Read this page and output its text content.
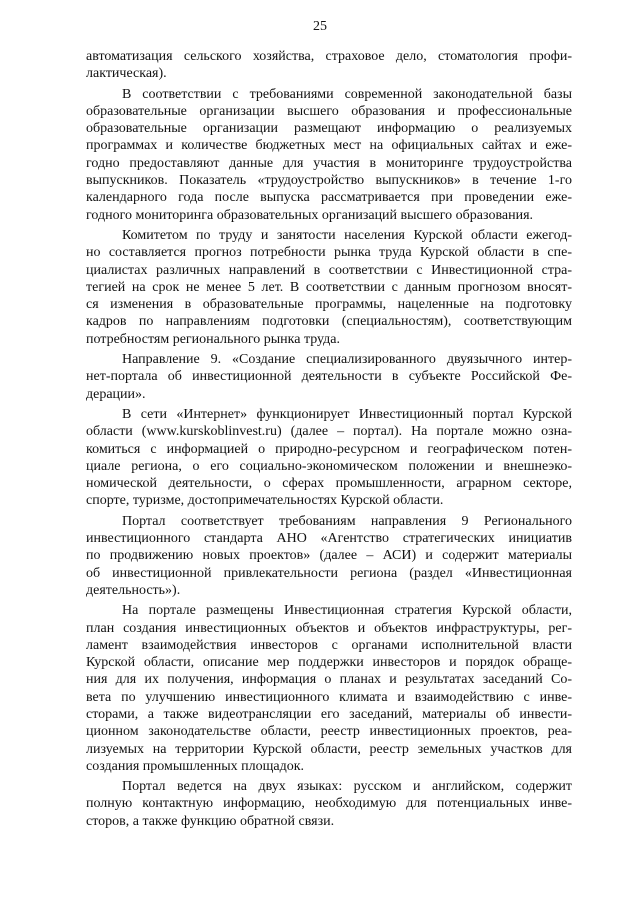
25
автоматизация сельского хозяйства, страховое дело, стоматология профи-
лактическая).
В соответствии с требованиями современной законодательной базы
образовательные организации высшего образования и профессиональные
образовательные организации размещают информацию о реализуемых
программах и количестве бюджетных мест на официальных сайтах и еже-
годно предоставляют данные для участия в мониторинге трудоустройства
выпускников. Показатель «трудоустройство выпускников» в течение 1-го
календарного года после выпуска рассматривается при проведении еже-
годного мониторинга образовательных организаций высшего образования.
Комитетом по труду и занятости населения Курской области ежегод-
но составляется прогноз потребности рынка труда Курской области в спе-
циалистах различных направлений в соответствии с Инвестиционной стра-
тегией на срок не менее 5 лет. В соответствии с данным прогнозом вносят-
ся изменения в образовательные программы, нацеленные на подготовку
кадров по направлениям подготовки (специальностям), соответствующим
потребностям регионального рынка труда.
Направление 9. «Создание специализированного двуязычного интер-
нет-портала об инвестиционной деятельности в субъекте Российской Фе-
дерации».
В сети «Интернет» функционирует Инвестиционный портал Курской
области (www.kurskoblinvest.ru) (далее – портал). На портале можно озна-
комиться с информацией о природно-ресурсном и географическом потен-
циале региона, о его социально-экономическом положении и внешнеэко-
номической деятельности, о сферах промышленности, аграрном секторе,
спорте, туризме, достопримечательностях Курской области.
Портал соответствует требованиям направления 9 Регионального
инвестиционного стандарта АНО «Агентство стратегических инициатив
по продвижению новых проектов» (далее – АСИ) и содержит материалы
об инвестиционной привлекательности региона (раздел «Инвестиционная
деятельность»).
На портале размещены Инвестиционная стратегия Курской области,
план создания инвестиционных объектов и объектов инфраструктуры, рег-
ламент взаимодействия инвесторов с органами исполнительной власти
Курской области, описание мер поддержки инвесторов и порядок обраще-
ния для их получения, информация о планах и результатах заседаний Со-
вета по улучшению инвестиционного климата и взаимодействию с инве-
сторами, а также видеотрансляции его заседаний, материалы об инвести-
ционном законодательстве области, реестр инвестиционных проектов, реа-
лизуемых на территории Курской области, реестр земельных участков для
создания промышленных площадок.
Портал ведется на двух языках: русском и английском, содержит
полную контактную информацию, необходимую для потенциальных инве-
сторов, а также функцию обратной связи.
